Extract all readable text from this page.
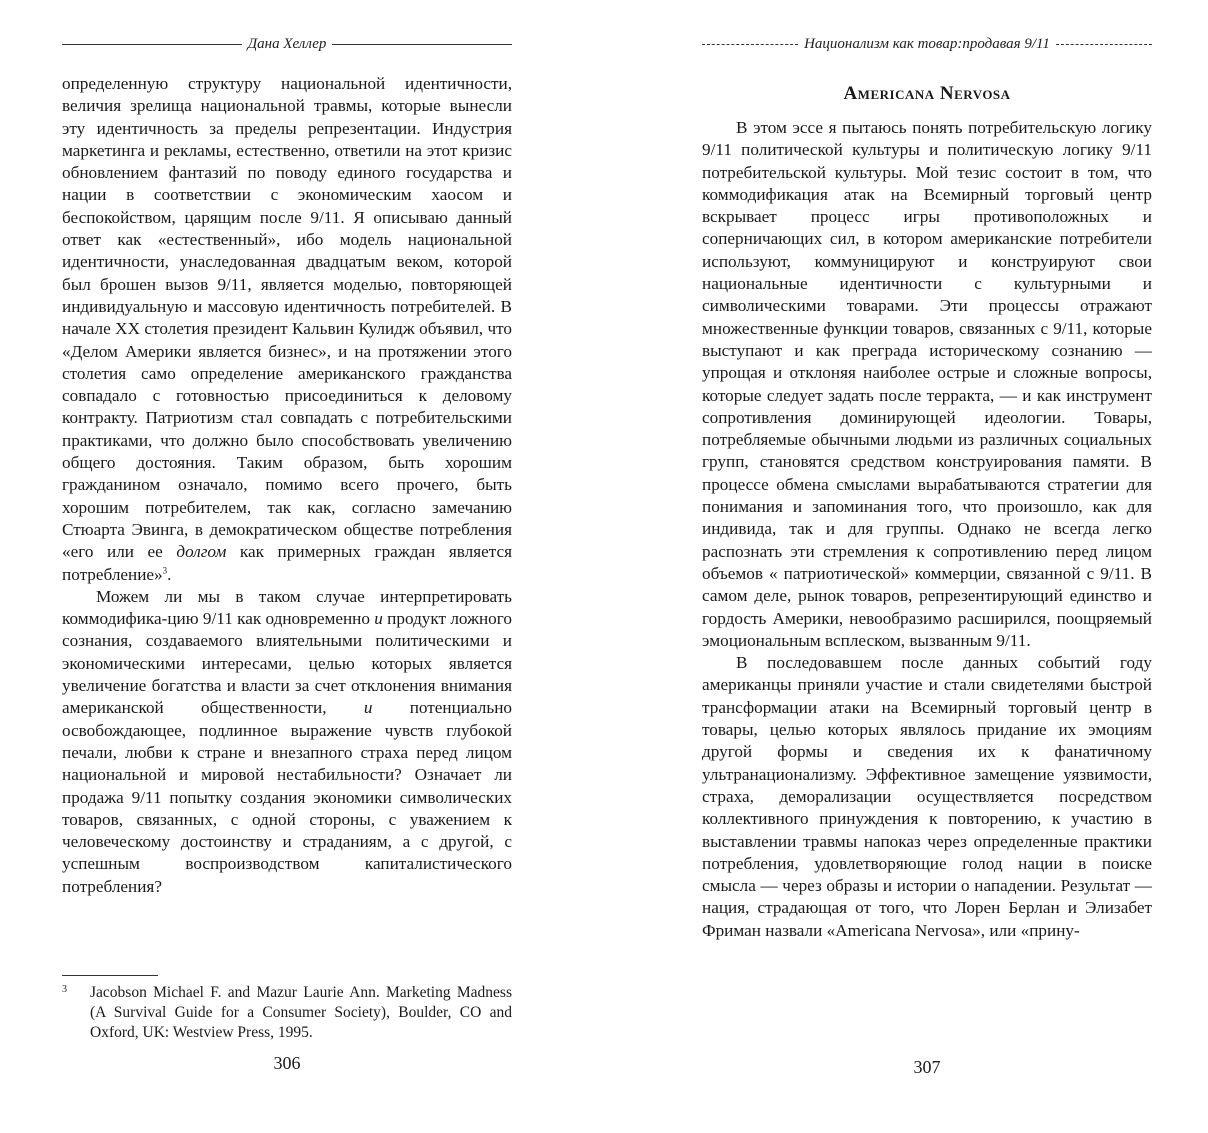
Дана Хеллер

определенную структуру национальной идентичности, величия зрелища национальной травмы, которые вынесли эту идентичность за пределы репрезентации. Индустрия маркетинга и рекламы, естественно, ответили на этот кризис обновлением фантазий по поводу единого государства и нации в соответствии с экономическим хаосом и беспокойством, царящим после 9/11. Я описываю данный ответ как «естественный», ибо модель национальной идентичности, унаследованная двадцатым веком, которой был брошен вызов 9/11, является моделью, повторяющей индивидуальную и массовую идентичность потребителей. В начале XX столетия президент Кальвин Кулидж объявил, что «Делом Америки является бизнес», и на протяжении этого столетия само определение американского гражданства совпадало с готовностью присоединиться к деловому контракту. Патриотизм стал совпадать с потребительскими практиками, что должно было способствовать увеличению общего достояния. Таким образом, быть хорошим гражданином означало, помимо всего прочего, быть хорошим потребителем, так как, согласно замечанию Стюарта Эвинга, в демократическом обществе потребления «его или ее долгом как примерных граждан является потребление»$^3$.

Можем ли мы в таком случае интерпретировать коммодифика-цию 9/11 как одновременно и продукт ложного сознания, создаваемого влиятельными политическими и экономическими интересами, целью которых является увеличение богатства и власти за счет отклонения внимания американской общественности, и потенциально освобождающее, подлинное выражение чувств глубокой печали, любви к стране и внезапного страха перед лицом национальной и мировой нестабильности? Означает ли продажа 9/11 попытку создания экономики символических товаров, связанных, с одной стороны, с уважением к человеческому достоинству и страданиям, а с другой, с успешным воспроизводством капиталистического потребления?

3	Jacobson Michael F. and Mazur Laurie Ann. Marketing Madness (A Survival Guide for a Consumer Society), Boulder, CO and Oxford, UK: Westview Press, 1995.
306
Национализм как товар:продавая 9/11
Americana Nervosa

В этом эссе я пытаюсь понять потребительскую логику 9/11 политической культуры и политическую логику 9/11 потребительской культуры. Мой тезис состоит в том, что коммодификация атак на Всемирный торговый центр вскрывает процесс игры противоположных и соперничающих сил, в котором американские потребители используют, коммуницируют и конструируют свои национальные идентичности с культурными и символическими товарами. Эти процессы отражают множественные функции товаров, связанных с 9/11, которые выступают и как преграда историческому сознанию — упрощая и отклоняя наиболее острые и сложные вопросы, которые следует задать после терракта, — и как инструмент сопротивления доминирующей идеологии. Товары, потребляемые обычными людьми из различных социальных групп, становятся средством конструирования памяти. В процессе обмена смыслами вырабатываются стратегии для понимания и запоминания того, что произошло, как для индивида, так и для группы. Однако не всегда легко распознать эти стремления к сопротивлению перед лицом объемов « патриотической» коммерции, связанной с 9/11. В самом деле, рынок товаров, репрезентирующий единство и гордость Америки, невообразимо расширился, поощряемый эмоциональным всплеском, вызванным 9/11.

В последовавшем после данных событий году американцы приняли участие и стали свидетелями быстрой трансформации атаки на Всемирный торговый центр в товары, целью которых являлось придание их эмоциям другой формы и сведения их к фанатичному ультранационализму. Эффективное замещение уязвимости, страха, деморализации осуществляется посредством коллективного принуждения к повторению, к участию в выставлении травмы напоказ через определенные практики потребления, удовлетворяющие голод нации в поиске смысла — через образы и истории о нападении. Результат — нация, страдающая от того, что Лорен Берлан и Элизабет Фриман назвали «Americana Nervosa», или «прину-

307
